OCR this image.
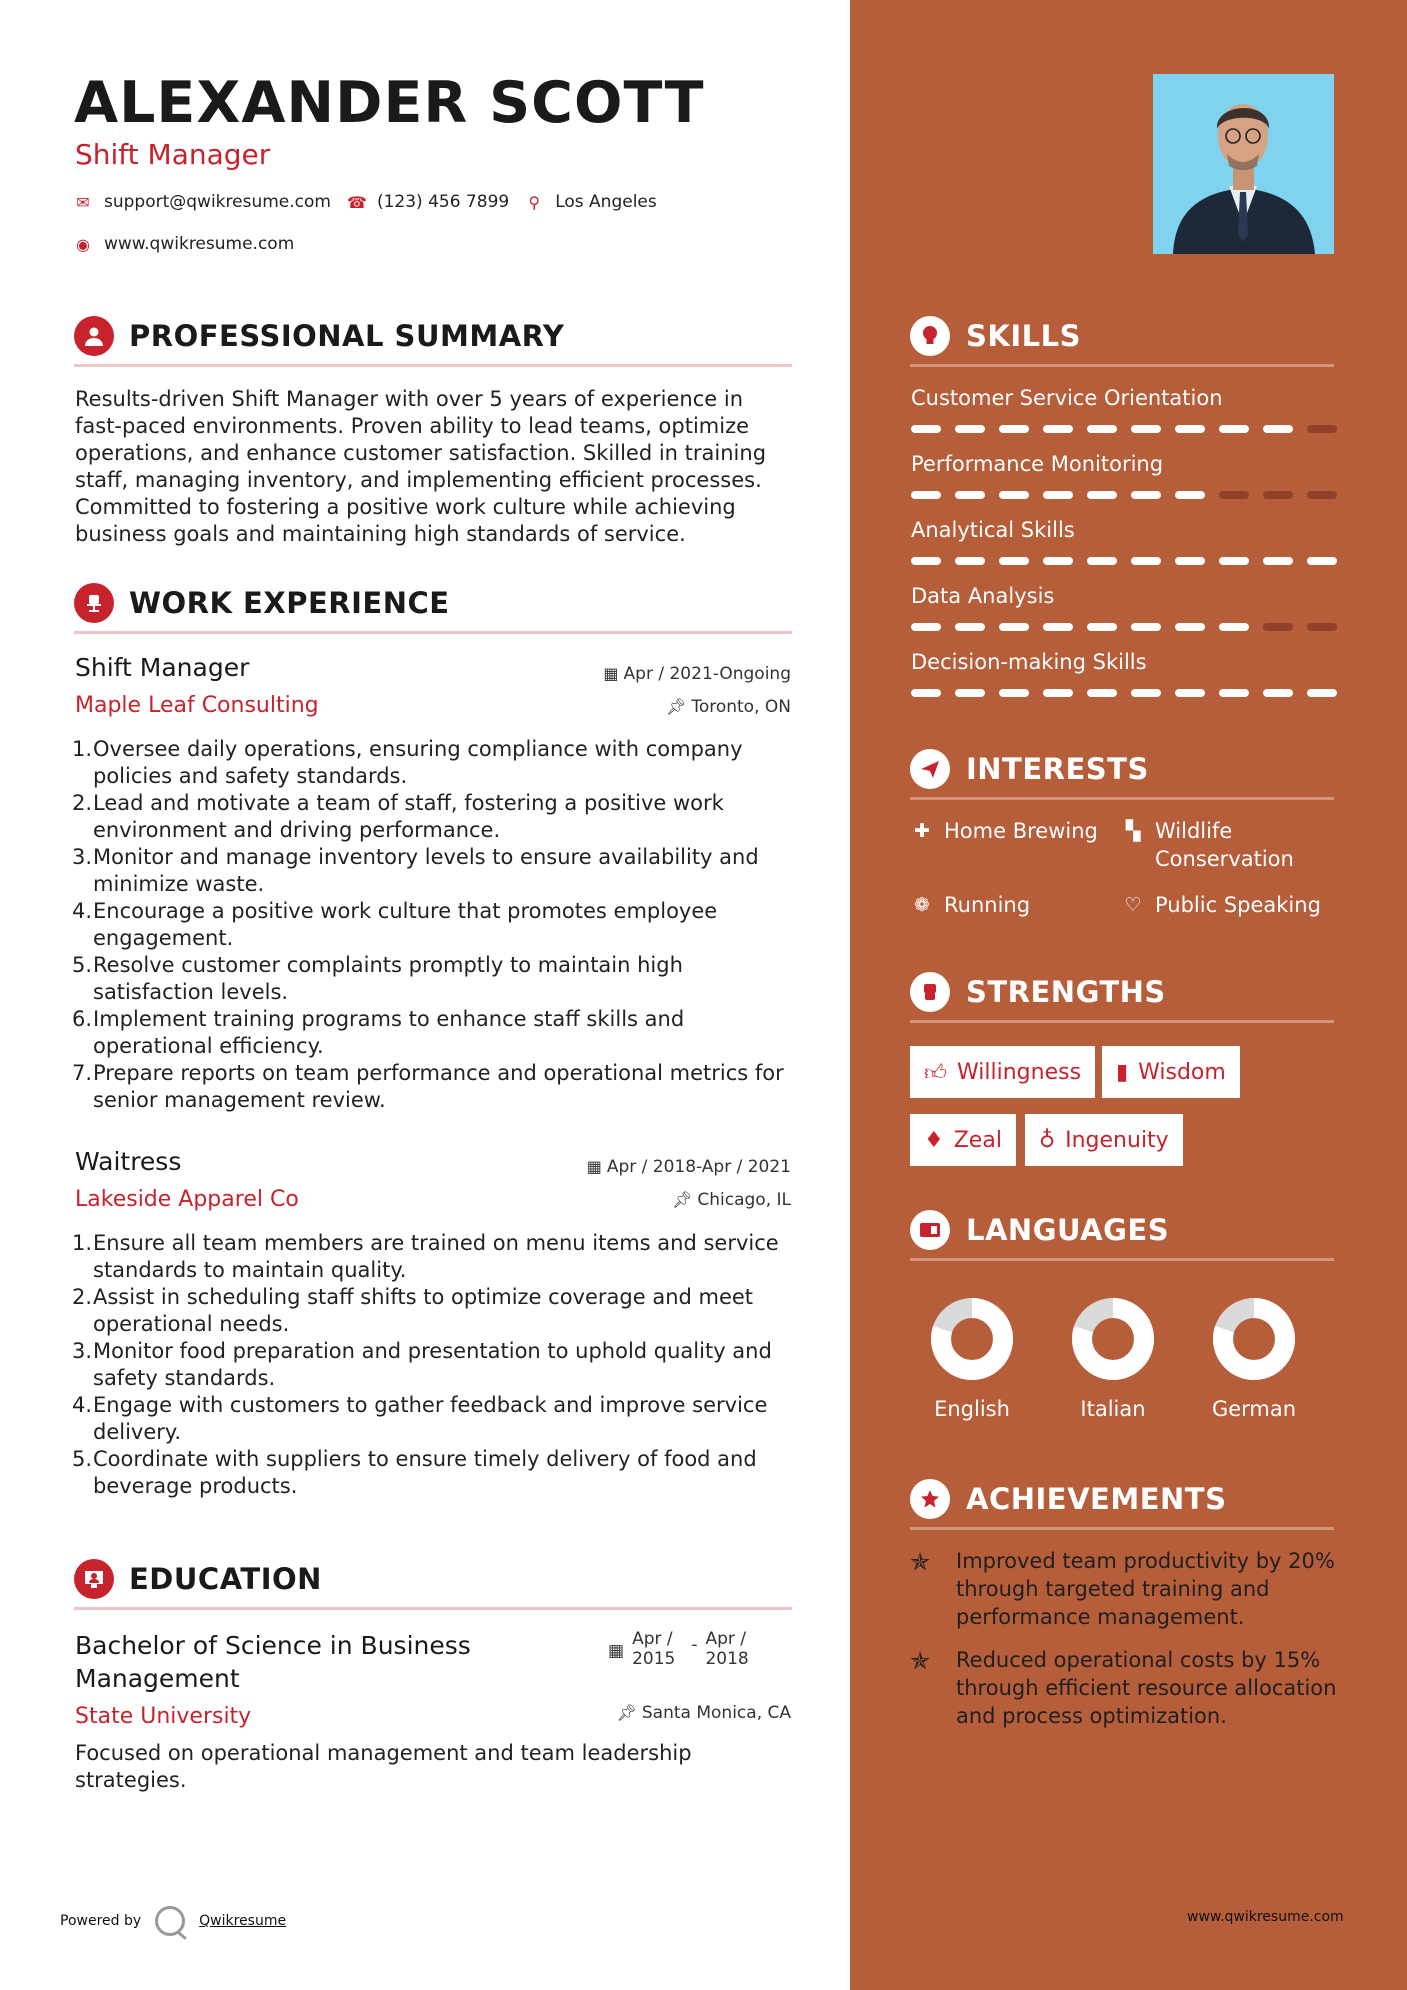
ALEXANDER SCOTT
Shift Manager
✉ support@qwikresume.com ☎ (123) 456 7899 ⚲ Los Angeles
◉ www.qwikresume.com
PROFESSIONAL SUMMARY
Results-driven Shift Manager with over 5 years of experience in fast-paced environments. Proven ability to lead teams, optimize operations, and enhance customer satisfaction. Skilled in training staff, managing inventory, and implementing efficient processes. Committed to fostering a positive work culture while achieving business goals and maintaining high standards of service.
WORK EXPERIENCE
Shift Manager
Maple Leaf Consulting
▦ Apr / 2021-Ongoing
📌︎ Toronto, ON
1. Oversee daily operations, ensuring compliance with company policies and safety standards.
2. Lead and motivate a team of staff, fostering a positive work environment and driving performance.
3. Monitor and manage inventory levels to ensure availability and minimize waste.
4. Encourage a positive work culture that promotes employee engagement.
5. Resolve customer complaints promptly to maintain high satisfaction levels.
6. Implement training programs to enhance staff skills and operational efficiency.
7. Prepare reports on team performance and operational metrics for senior management review.
Waitress
Lakeside Apparel Co
▦ Apr / 2018-Apr / 2021
📌︎ Chicago, IL
1. Ensure all team members are trained on menu items and service standards to maintain quality.
2. Assist in scheduling staff shifts to optimize coverage and meet operational needs.
3. Monitor food preparation and presentation to uphold quality and safety standards.
4. Engage with customers to gather feedback and improve service delivery.
5. Coordinate with suppliers to ensure timely delivery of food and beverage products.
EDUCATION
Bachelor of Science in Business
Management
State University
▦
Apr /
2015
- Apr /
2018
📌︎ Santa Monica, CA
Focused on operational management and team leadership strategies.
Powered by	Qwikresume
SKILLS
Customer Service Orientation
Performance Monitoring
Analytical Skills
Data Analysis
Decision-making Skills
INTERESTS
✚ Home Brewing ▚ Wildlife
Conservation
❁ Running	♡ Public Speaking
STRENGTHS
👍︎ Willingness ▮ Wisdom
♦ Zeal ♁ Ingenuity
LANGUAGES
English	Italian	German
ACHIEVEMENTS
✯	Improved team productivity by 20%
through targeted training and
performance management.
✯	Reduced operational costs by 15%
through efficient resource allocation
and process optimization.
www.qwikresume.com
